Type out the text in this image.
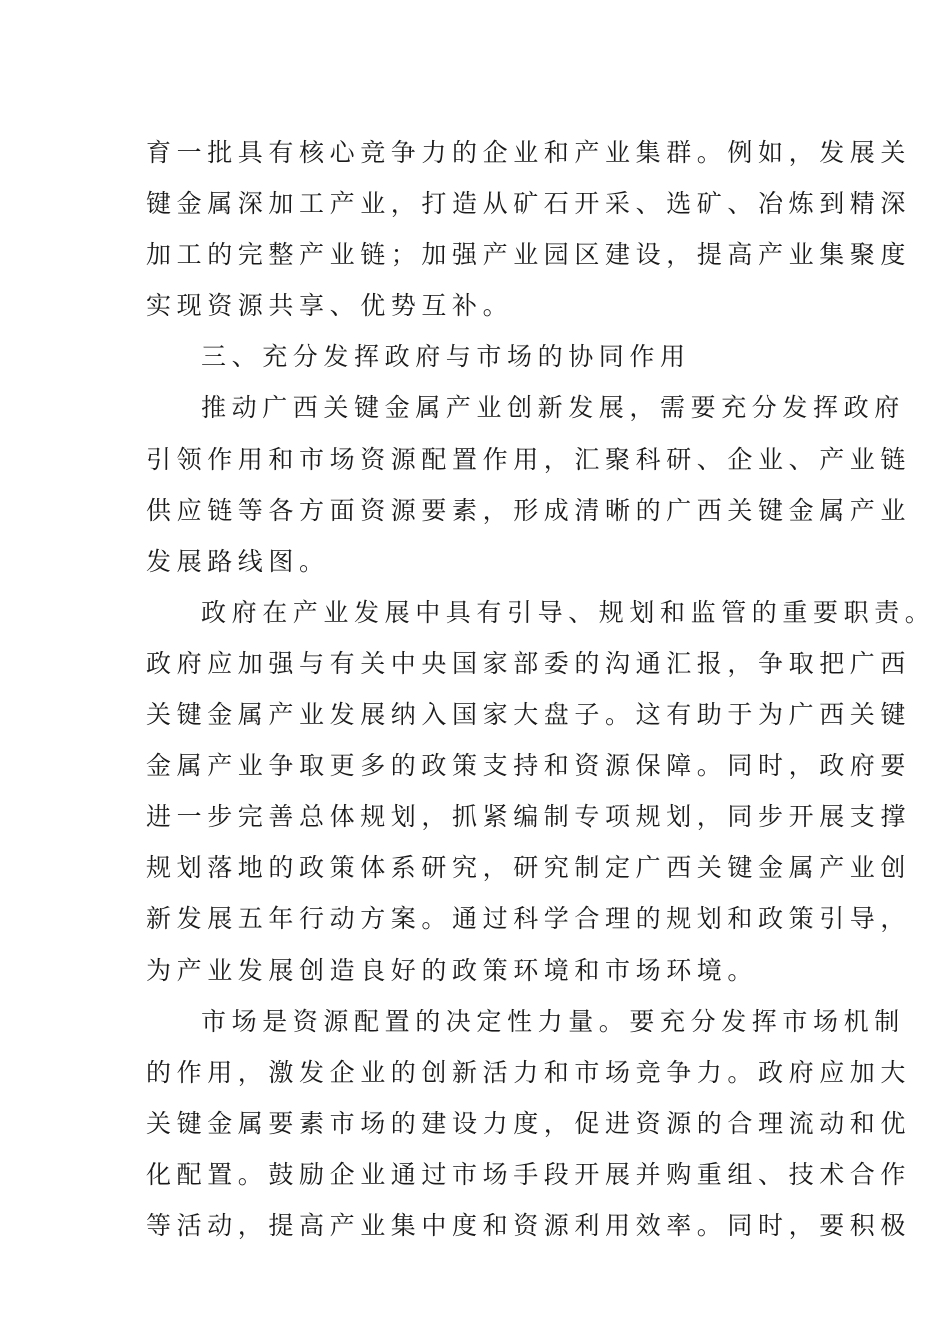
育一批具有核心竞争力的企业和产业集群。例如，发展关
键金属深加工产业，打造从矿石开采、选矿、冶炼到精深
加工的完整产业链；加强产业园区建设，提高产业集聚度
实现资源共享、优势互补。
三、充分发挥政府与市场的协同作用
推动广西关键金属产业创新发展，需要充分发挥政府
引领作用和市场资源配置作用，汇聚科研、企业、产业链
供应链等各方面资源要素，形成清晰的广西关键金属产业
发展路线图。
政府在产业发展中具有引导、规划和监管的重要职责。
政府应加强与有关中央国家部委的沟通汇报，争取把广西
关键金属产业发展纳入国家大盘子。这有助于为广西关键
金属产业争取更多的政策支持和资源保障。同时，政府要
进一步完善总体规划，抓紧编制专项规划，同步开展支撑
规划落地的政策体系研究，研究制定广西关键金属产业创
新发展五年行动方案。通过科学合理的规划和政策引导，
为产业发展创造良好的政策环境和市场环境。
市场是资源配置的决定性力量。要充分发挥市场机制
的作用，激发企业的创新活力和市场竞争力。政府应加大
关键金属要素市场的建设力度，促进资源的合理流动和优
化配置。鼓励企业通过市场手段开展并购重组、技术合作
等活动，提高产业集中度和资源利用效率。同时，要积极
